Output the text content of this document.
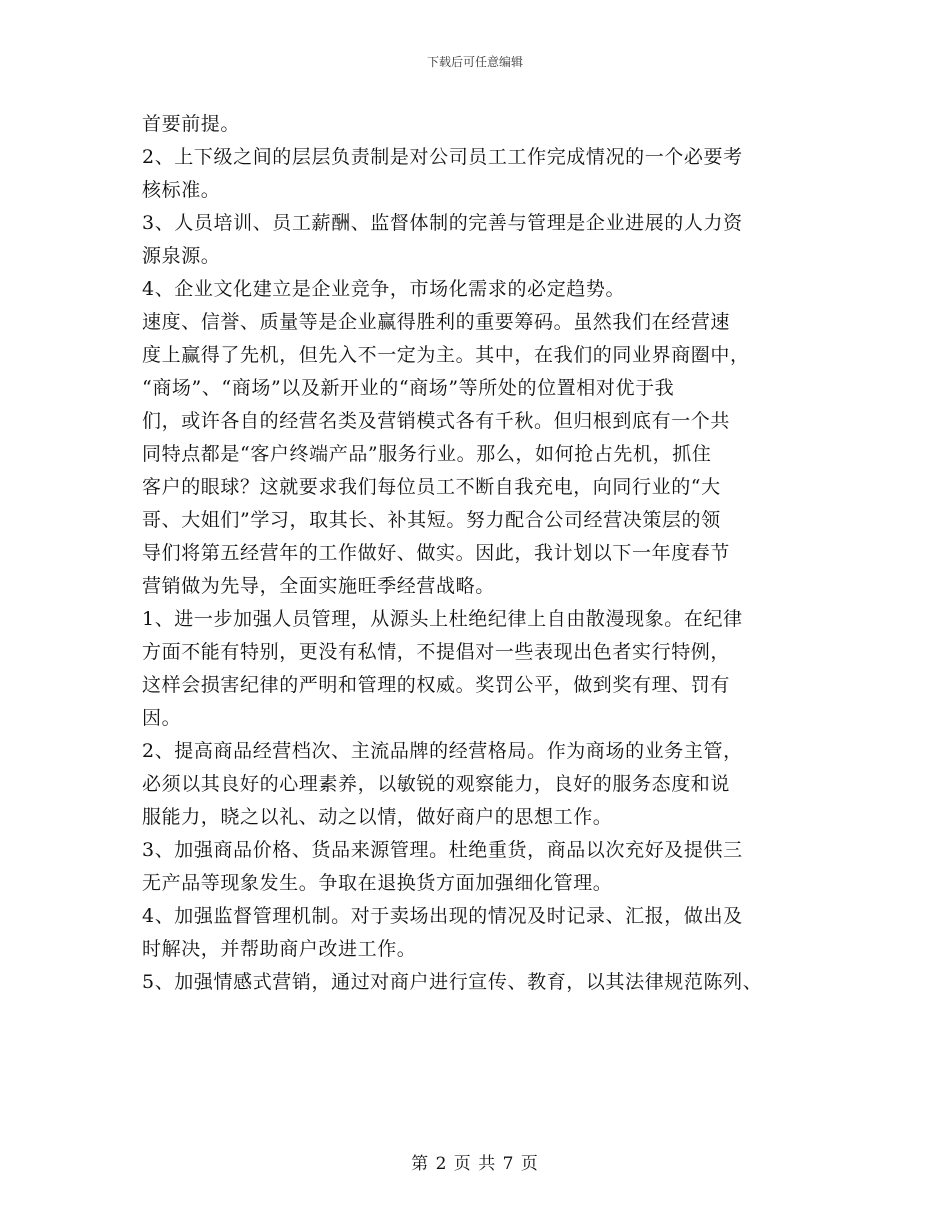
下载后可任意编辑
首要前提。
2、上下级之间的层层负责制是对公司员工工作完成情况的一个必要考
核标准。
3、人员培训、员工薪酬、监督体制的完善与管理是企业进展的人力资
源泉源。
4、企业文化建立是企业竞争，市场化需求的必定趋势。
速度、信誉、质量等是企业赢得胜利的重要筹码。虽然我们在经营速
度上赢得了先机，但先入不一定为主。其中，在我们的同业界商圈中，
“商场”、“商场”以及新开业的“商场”等所处的位置相对优于我
们，或许各自的经营名类及营销模式各有千秋。但归根到底有一个共
同特点都是“客户终端产品”服务行业。那么，如何抢占先机，抓住
客户的眼球？这就要求我们每位员工不断自我充电，向同行业的“大
哥、大姐们”学习，取其长、补其短。努力配合公司经营决策层的领
导们将第五经营年的工作做好、做实。因此，我计划以下一年度春节
营销做为先导，全面实施旺季经营战略。
1、进一步加强人员管理，从源头上杜绝纪律上自由散漫现象。在纪律
方面不能有特别，更没有私情，不提倡对一些表现出色者实行特例，
这样会损害纪律的严明和管理的权威。奖罚公平，做到奖有理、罚有
因。
2、提高商品经营档次、主流品牌的经营格局。作为商场的业务主管，
必须以其良好的心理素养，以敏锐的观察能力，良好的服务态度和说
服能力，晓之以礼、动之以情，做好商户的思想工作。
3、加强商品价格、货品来源管理。杜绝重货，商品以次充好及提供三
无产品等现象发生。争取在退换货方面加强细化管理。
4、加强监督管理机制。对于卖场出现的情况及时记录、汇报，做出及
时解决，并帮助商户改进工作。
5、加强情感式营销，通过对商户进行宣传、教育，以其法律规范陈列、
第 2 页 共 7 页
